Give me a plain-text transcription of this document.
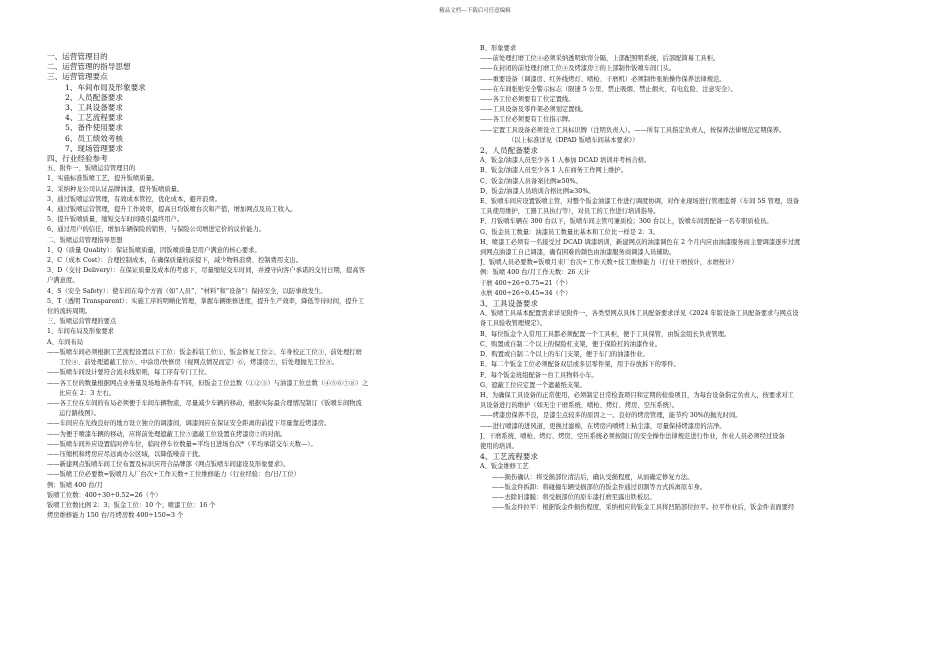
精品文档---下载后可任意编辑
一、运营管理目的
二、运营管理的指导思想
三、运营管理要点
1、车间布局及形象要求
2、人员配备要求
3、工具设备要求
4、工艺流程要求
5、备件使用要求
6、员工绩效考核
7、现场管理要求
四、行业经验参考
五、附件一、钣喷运营管理目的
1、实施标准钣喷工艺，提升钣喷质量。
2、采纳种龙公司认证品牌油漆，提升钣喷质量。
3、通过钣喷运营管理，有效成本管控，优化成本，避开浪费。
4、通过钣喷运营管理，提升工作效率，提高日均钣喷台次和产值，增加网点及员工收入。
5、提升钣喷质量，缩短交车时间吸引最终用户。
6、通过用户的信任，增加车辆保险的销售，与保险公司增进定价的议价能力。
二、钣喷运营管理指导思想
1、Q（质量 Quality）：保证钣喷质量，因钣喷质量是用户满意的核心要求。
2、C（成本 Cost）：合理控制成本，在确保质量的前提下，减少物料浪费、控制费用支出。
3、D（交付 Delivery）：在保证质量及成本的考虑下，尽量缩短交车时间，并遵守向客户承诺的交付日期，提高客
户满意度。
4、S（安全 Safety）：使车间在每个方面（如“人员”、“材料”和“设备”）保持安全，以防事故发生。
5、T（透明 Transparent）：实施工序的明晰化管理，掌握车辆维修进度，提升生产效率，降低等待时间，提升工
位的流转周期。
三、钣喷运营管理的要点
1、车间布局及形象要求
A、车间布局
——钣喷车间必须根据工艺流程设置以下工位：钣金拆装工位①，钣金修复工位②、车身校正工位③、前处理打磨
工位④、前处理遮蔽工位⑤、中涂房/快修房（视网点情况而定）⑥，烤漆房⑦，后处理抛光工位⑧。
——钣喷车间设计要符合流水线原则，每工序有专门工位。
——各工位的数量根据网点业务量及场地条件有不同，但钣金工位总数（①②③）与油漆工位总数（④⑤⑥⑦⑧）之
比应在 2：3 左右。
——各工位在车间的布局必须便于车间车辆物流，尽量减少车辆的移动，根据实际最合理情况制订《钣喷车间物流
运行路线图》。
——车间应在光线良好的地方设立独立的调漆间，调漆间应在保证安全距离的前提下尽量靠近烤漆房。
——为便于喷漆车辆的移动，应将前处理遮蔽工位⑤遮蔽工位设置在烤漆房⑦的对面。
——钣喷车间外应设置临时停车位，临时停车位数量=平均日进场台次*（平均承诺交车天数—）。
——压缩机和烤房应尽远离办公区域，以降低噪音干扰。
——新建网点钣喷车间工位布置及标识应符合品牌部《网点钣喷车间建设及形象要求》。
——钣喷工位必要数=钣喷月入厂台次÷工作天数÷工位维修能力（行业经验：台/日/工位）
例：钣喷 400 台/月
钣喷工位数：400÷30÷0.52=26（个）
钣喷工位数比例 2：3；钣金工位：10 个；喷漆工位：16 个
烤房维修能力 150 台/月烤房数 400÷150≈3 个
B、形象要求
——前处理打磨工位④必须采纳透明软帘分隔，上部配照明系统，后部配简易工具柜。
——在封闭的前处理打磨工位④及烤漆房⑦的上部制作钣喷车间门头。
——重要设备（调漆房、红外线烤灯、喷枪、干磨机）必须制作张贴操作保养法律规范。
——在车间张贴安全警示标志（限速 5 公里、禁止吸烟、禁止烟火、有电危险、注意安全）。
——各工位必须要有工位定置线。
——工具设备及零件架必须划定置线。
——各工位必须要有工位指示牌。
——定置工具设备必须设立工具标识牌（注明负责人）。——所有工具指定负责人，按保养法律规范定期保养。
（以上标准详见《DPAD 钣喷车间基本要求》）
2、人员配备要求
A、钣金/油漆人员至少各 1 人参加 DCAD 培训并考核合格。
B、钣金/油漆人员至少各 1 人在商务工作网上维护。
C、钣金/油漆人员备案比例≥50%。
D、钣金/油漆人员培训合格比例≥30%。
E、钣喷车间应设置钣喷主管，对整个钣金油漆工作进行调度协调，对作业现场进行管理监督（车间 5S 管理，设备
工具使用维护，工器工具执行等），对员工的工作进行培训指导。
F、月钣喷车辆在 300 台以下，钣喷车间主管可兼质检；300 台以上，钣喷车间需配备一名专职质检员。
G、钣金员工数量：油漆员工数量比基本和工位比一样是 2：3。
H、喷漆工必须有一名接受过 DCAD 调漆培训，新建网点的油漆调色在 2 个月内应由油漆服务商主要调漆逐步过渡
到网点油漆工自己调漆，确有困难的颜色由油漆服务商调漆人员辅助。
J、钣喷人员必要数=钣喷月来厂台次÷工作天数÷技工维修能力（行业干磨按计，水磨按计）
例：钣喷 400 台/月工作天数：26 天计
干磨 400÷26÷0.75=21（个）
水磨 400÷26÷0.45=34（个）
3、工具设备要求
A、钣喷工具基本配置需求详见附件一，各类型网点具体工具配备要求详见《2024 年版设备工具配备要求与网点设
备工具验收管理规定》。
B、每位钣金个人常用工具都必须配置一个工具柜，便于工具保管，由钣金组长负责管理。
C、购置或自制二个以上的保险杠支架，便于保险杠的油漆作业。
D、购置或自制二个以上的车门支架，便于车门的油漆作业。
E、每二个钣金工位必须配备双层或多层零件架，用于存放拆下的零件。
F、每个钣金班组配备一台工具物料小车。
G、遮蔽工位应定置一个遮蔽纸支架。
H、为确保工具设备的正常使用，必须制定日常检查项目和定期的检验项目，为每台设备指定负责人，按要求对工
具设备进行的维护（如无尘干磨系统、喷枪、烤灯、烤房、空压系统）。
——烤漆房保养不良，是漆尘点较多的原因之一。良好的烤房管理，能节约 30%的抛光时间。
——进行喷漆的进风道，更换过滤棉，在烤房内喷烤上粘尘漆，尽量保持烤漆房的洁净。
J、干磨系统、喷枪、烤灯、烤房、空压系统必须按制订的安全操作法律规范进行作业，作业人员必须经过设备
使用的培训。
4、工艺流程要求
A、钣金维修工艺
——损伤确认：将受损部位清洁后，确认受损程度，从而确定修复方法。
——钣金件拆卸：将碰撞车辆受损部位的钣金件通过切割等方式拆离原车身。
——去除旧漆膜：将受损部位的原车漆打磨至露出铁板层。
——钣金件拉平：根据钣金件损伤程度，采纳相应的钣金工具将凹陷部位拉平。拉平作业后，钣金件表面要经
